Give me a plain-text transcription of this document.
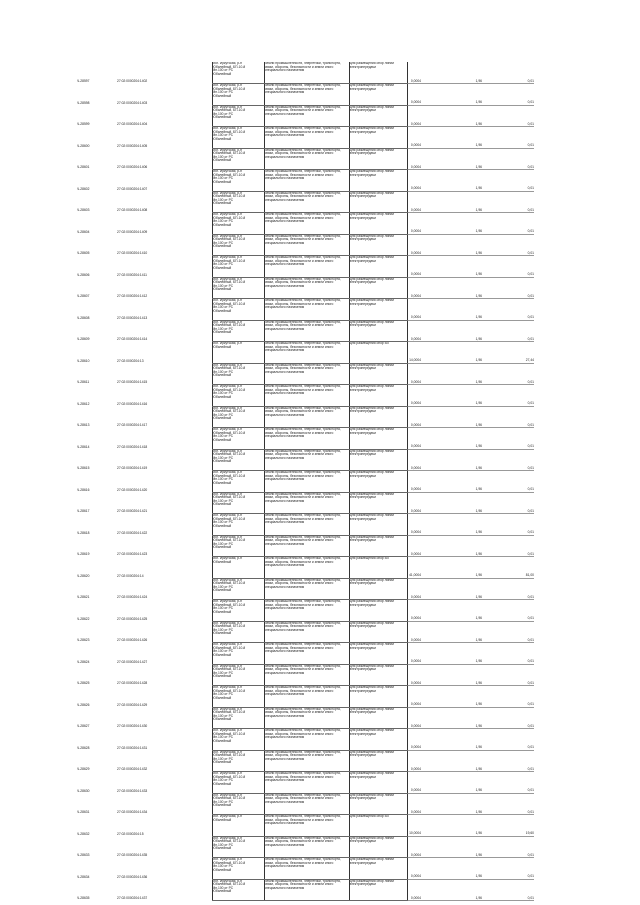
Ч-28597	27:02:0000204:1402	обл. Иркутская, р-н
Юбилейный, БП-10-й
Мн.100 от РС
Юбилейный	Земли промышленности, энергетики, транспорта, связи, обороны, безопасности и земли иного специального назначения	Для размещения опор линии электропередачи	0,0004		1,96	0,01
Ч-28598	27:02:0000204:1403	обл. Иркутская, р-н
Юбилейный, БП-10-й
Мн.100 от РС
Юбилейный	Земли промышленности, энергетики, транспорта, связи, обороны, безопасности и земли иного специального назначения	Для размещения опор линии электропередачи	0,0004		1,96	0,01
Ч-28599	27:02:0000204:1404	обл. Иркутская, р-н
Юбилейный, БП-10-й
Мн.100 от РС
Юбилейный	Земли промышленности, энергетики, транспорта, связи, обороны, безопасности и земли иного специального назначения	Для размещения опор линии электропередачи	0,0004		1,96	0,01
Ч-28600	27:02:0000204:1405	обл. Иркутская, р-н
Юбилейный, БП-10-й
Мн.100 от РС
Юбилейный	Земли промышленности, энергетики, транспорта, связи, обороны, безопасности и земли иного специального назначения	Для размещения опор линии электропередачи	0,0004		1,96	0,01
Ч-28601	27:02:0000204:1406	обл. Иркутская, р-н
Юбилейный, БП-10-й
Мн.100 от РС
Юбилейный	Земли промышленности, энергетики, транспорта, связи, обороны, безопасности и земли иного специального назначения	Для размещения опор линии электропередачи	0,0004		1,96	0,01
Ч-28602	27:02:0000204:1407	обл. Иркутская, р-н
Юбилейный, БП-10-й
Мн.100 от РС
Юбилейный	Земли промышленности, энергетики, транспорта, связи, обороны, безопасности и земли иного специального назначения	Для размещения опор линии электропередачи	0,0004		1,96	0,01
Ч-28603	27:02:0000204:1408	обл. Иркутская, р-н
Юбилейный, БП-10-й
Мн.100 от РС
Юбилейный	Земли промышленности, энергетики, транспорта, связи, обороны, безопасности и земли иного специального назначения	Для размещения опор линии электропередачи	0,0004		1,96	0,01
Ч-28604	27:02:0000204:1409	обл. Иркутская, р-н
Юбилейный, БП-10-й
Мн.100 от РС
Юбилейный	Земли промышленности, энергетики, транспорта, связи, обороны, безопасности и земли иного специального назначения	Для размещения опор линии электропередачи	0,0004		1,96	0,01
Ч-28605	27:02:0000204:1410	обл. Иркутская, р-н
Юбилейный, БП-10-й
Мн.100 от РС
Юбилейный	Земли промышленности, энергетики, транспорта, связи, обороны, безопасности и земли иного специального назначения	Для размещения опор линии электропередачи	0,0004		1,96	0,01
Ч-28606	27:02:0000204:1411	обл. Иркутская, р-н
Юбилейный, БП-10-й
Мн.100 от РС
Юбилейный	Земли промышленности, энергетики, транспорта, связи, обороны, безопасности и земли иного специального назначения	Для размещения опор линии электропередачи	0,0004		1,96	0,01
Ч-28607	27:02:0000204:1412	обл. Иркутская, р-н
Юбилейный, БП-10-й
Мн.100 от РС
Юбилейный	Земли промышленности, энергетики, транспорта, связи, обороны, безопасности и земли иного специального назначения	Для размещения опор линии электропередачи	0,0004		1,96	0,01
Ч-28608	27:02:0000204:1413	обл. Иркутская, р-н
Юбилейный, БП-10-й
Мн.100 от РС
Юбилейный	Земли промышленности, энергетики, транспорта, связи, обороны, безопасности и земли иного специального назначения	Для размещения опор линии электропередачи	0,0004		1,96	0,01
Ч-28609	27:02:0000204:1414	обл. Иркутская, р-н
Юбилейный, БП-10-й
Мн.100 от РС
Юбилейный	Земли промышленности, энергетики, транспорта, связи, обороны, безопасности и земли иного специального назначения	Для размещения опор линии электропередачи	0,0004		1,96	0,01
Ч-28610	27:02:0000204:13	обл. Иркутская, р-н
Юбилейный	Земли промышленности, энергетики, транспорта, связи, обороны, безопасности и земли иного специального назначения	Для размещения опор ВЛ	14,0004		1,96	27,44
Ч-28611	27:02:0000204:1415	обл. Иркутская, р-н
Юбилейный, БП-10-й
Мн.100 от РС
Юбилейный	Земли промышленности, энергетики, транспорта, связи, обороны, безопасности и земли иного специального назначения	Для размещения опор линии электропередачи	0,0004		1,96	0,01
Ч-28612	27:02:0000204:1416	обл. Иркутская, р-н
Юбилейный, БП-10-й
Мн.100 от РС
Юбилейный	Земли промышленности, энергетики, транспорта, связи, обороны, безопасности и земли иного специального назначения	Для размещения опор линии электропередачи	0,0004		1,96	0,01
Ч-28613	27:02:0000204:1417	обл. Иркутская, р-н
Юбилейный, БП-10-й
Мн.100 от РС
Юбилейный	Земли промышленности, энергетики, транспорта, связи, обороны, безопасности и земли иного специального назначения	Для размещения опор линии электропередачи	0,0004		1,96	0,01
Ч-28614	27:02:0000204:1418	обл. Иркутская, р-н
Юбилейный, БП-10-й
Мн.100 от РС
Юбилейный	Земли промышленности, энергетики, транспорта, связи, обороны, безопасности и земли иного специального назначения	Для размещения опор линии электропередачи	0,0004		1,96	0,01
Ч-28615	27:02:0000204:1419	обл. Иркутская, р-н
Юбилейный, БП-10-й
Мн.100 от РС
Юбилейный	Земли промышленности, энергетики, транспорта, связи, обороны, безопасности и земли иного специального назначения	Для размещения опор линии электропередачи	0,0004		1,96	0,01
Ч-28616	27:02:0000204:1420	обл. Иркутская, р-н
Юбилейный, БП-10-й
Мн.100 от РС
Юбилейный	Земли промышленности, энергетики, транспорта, связи, обороны, безопасности и земли иного специального назначения	Для размещения опор линии электропередачи	0,0004		1,96	0,01
Ч-28617	27:02:0000204:1421	обл. Иркутская, р-н
Юбилейный, БП-10-й
Мн.100 от РС
Юбилейный	Земли промышленности, энергетики, транспорта, связи, обороны, безопасности и земли иного специального назначения	Для размещения опор линии электропередачи	0,0004		1,96	0,01
Ч-28618	27:02:0000204:1422	обл. Иркутская, р-н
Юбилейный, БП-10-й
Мн.100 от РС
Юбилейный	Земли промышленности, энергетики, транспорта, связи, обороны, безопасности и земли иного специального назначения	Для размещения опор линии электропередачи	0,0004		1,96	0,01
Ч-28619	27:02:0000204:1423	обл. Иркутская, р-н
Юбилейный, БП-10-й
Мн.100 от РС
Юбилейный	Земли промышленности, энергетики, транспорта, связи, обороны, безопасности и земли иного специального назначения	Для размещения опор линии электропередачи	0,0004		1,96	0,01
Ч-28620	27:02:0000204:14	обл. Иркутская, р-н
Юбилейный	Земли промышленности, энергетики, транспорта, связи, обороны, безопасности и земли иного специального назначения	Для размещения опор ВЛ	41,0004		1,96	81,00
Ч-28621	27:02:0000204:1424	обл. Иркутская, р-н
Юбилейный, БП-10-й
Мн.100 от РС
Юбилейный	Земли промышленности, энергетики, транспорта, связи, обороны, безопасности и земли иного специального назначения	Для размещения опор линии электропередачи	0,0004		1,96	0,01
Ч-28622	27:02:0000204:1425	обл. Иркутская, р-н
Юбилейный, БП-10-й
Мн.100 от РС
Юбилейный	Земли промышленности, энергетики, транспорта, связи, обороны, безопасности и земли иного специального назначения	Для размещения опор линии электропередачи	0,0004		1,96	0,01
Ч-28623	27:02:0000204:1426	обл. Иркутская, р-н
Юбилейный, БП-10-й
Мн.100 от РС
Юбилейный	Земли промышленности, энергетики, транспорта, связи, обороны, безопасности и земли иного специального назначения	Для размещения опор линии электропередачи	0,0004		1,96	0,01
Ч-28624	27:02:0000204:1427	обл. Иркутская, р-н
Юбилейный, БП-10-й
Мн.100 от РС
Юбилейный	Земли промышленности, энергетики, транспорта, связи, обороны, безопасности и земли иного специального назначения	Для размещения опор линии электропередачи	0,0004		1,96	0,01
Ч-28625	27:02:0000204:1428	обл. Иркутская, р-н
Юбилейный, БП-10-й
Мн.100 от РС
Юбилейный	Земли промышленности, энергетики, транспорта, связи, обороны, безопасности и земли иного специального назначения	Для размещения опор линии электропередачи	0,0004		1,96	0,01
Ч-28626	27:02:0000204:1429	обл. Иркутская, р-н
Юбилейный, БП-10-й
Мн.100 от РС
Юбилейный	Земли промышленности, энергетики, транспорта, связи, обороны, безопасности и земли иного специального назначения	Для размещения опор линии электропередачи	0,0004		1,96	0,01
Ч-28627	27:02:0000204:1430	обл. Иркутская, р-н
Юбилейный, БП-10-й
Мн.100 от РС
Юбилейный	Земли промышленности, энергетики, транспорта, связи, обороны, безопасности и земли иного специального назначения	Для размещения опор линии электропередачи	0,0004		1,96	0,01
Ч-28628	27:02:0000204:1431	обл. Иркутская, р-н
Юбилейный, БП-10-й
Мн.100 от РС
Юбилейный	Земли промышленности, энергетики, транспорта, связи, обороны, безопасности и земли иного специального назначения	Для размещения опор линии электропередачи	0,0004		1,96	0,01
Ч-28629	27:02:0000204:1432	обл. Иркутская, р-н
Юбилейный, БП-10-й
Мн.100 от РС
Юбилейный	Земли промышленности, энергетики, транспорта, связи, обороны, безопасности и земли иного специального назначения	Для размещения опор линии электропередачи	0,0004		1,96	0,01
Ч-28630	27:02:0000204:1433	обл. Иркутская, р-н
Юбилейный, БП-10-й
Мн.100 от РС
Юбилейный	Земли промышленности, энергетики, транспорта, связи, обороны, безопасности и земли иного специального назначения	Для размещения опор линии электропередачи	0,0004		1,96	0,01
Ч-28631	27:02:0000204:1434	обл. Иркутская, р-н
Юбилейный, БП-10-й
Мн.100 от РС
Юбилейный	Земли промышленности, энергетики, транспорта, связи, обороны, безопасности и земли иного специального назначения	Для размещения опор линии электропередачи	0,0004		1,96	0,01
Ч-28632	27:02:0000204:15	обл. Иркутская, р-н
Юбилейный	Земли промышленности, энергетики, транспорта, связи, обороны, безопасности и земли иного специального назначения	Для размещения опор ВЛ	10,0004		1,96	19,60
Ч-28633	27:02:0000204:1435	обл. Иркутская, р-н
Юбилейный, БП-10-й
Мн.100 от РС
Юбилейный	Земли промышленности, энергетики, транспорта, связи, обороны, безопасности и земли иного специального назначения	Для размещения опор линии электропередачи	0,0004		1,96	0,01
Ч-28634	27:02:0000204:1436	обл. Иркутская, р-н
Юбилейный, БП-10-й
Мн.100 от РС
Юбилейный	Земли промышленности, энергетики, транспорта, связи, обороны, безопасности и земли иного специального назначения	Для размещения опор линии электропередачи	0,0004		1,96	0,01
Ч-28635	27:02:0000204:1437	обл. Иркутская, р-н
Юбилейный, БП-10-й
Мн.100 от РС
Юбилейный	Земли промышленности, энергетики, транспорта, связи, обороны, безопасности и земли иного специального назначения	Для размещения опор линии электропередачи	0,0004		1,96	0,01
